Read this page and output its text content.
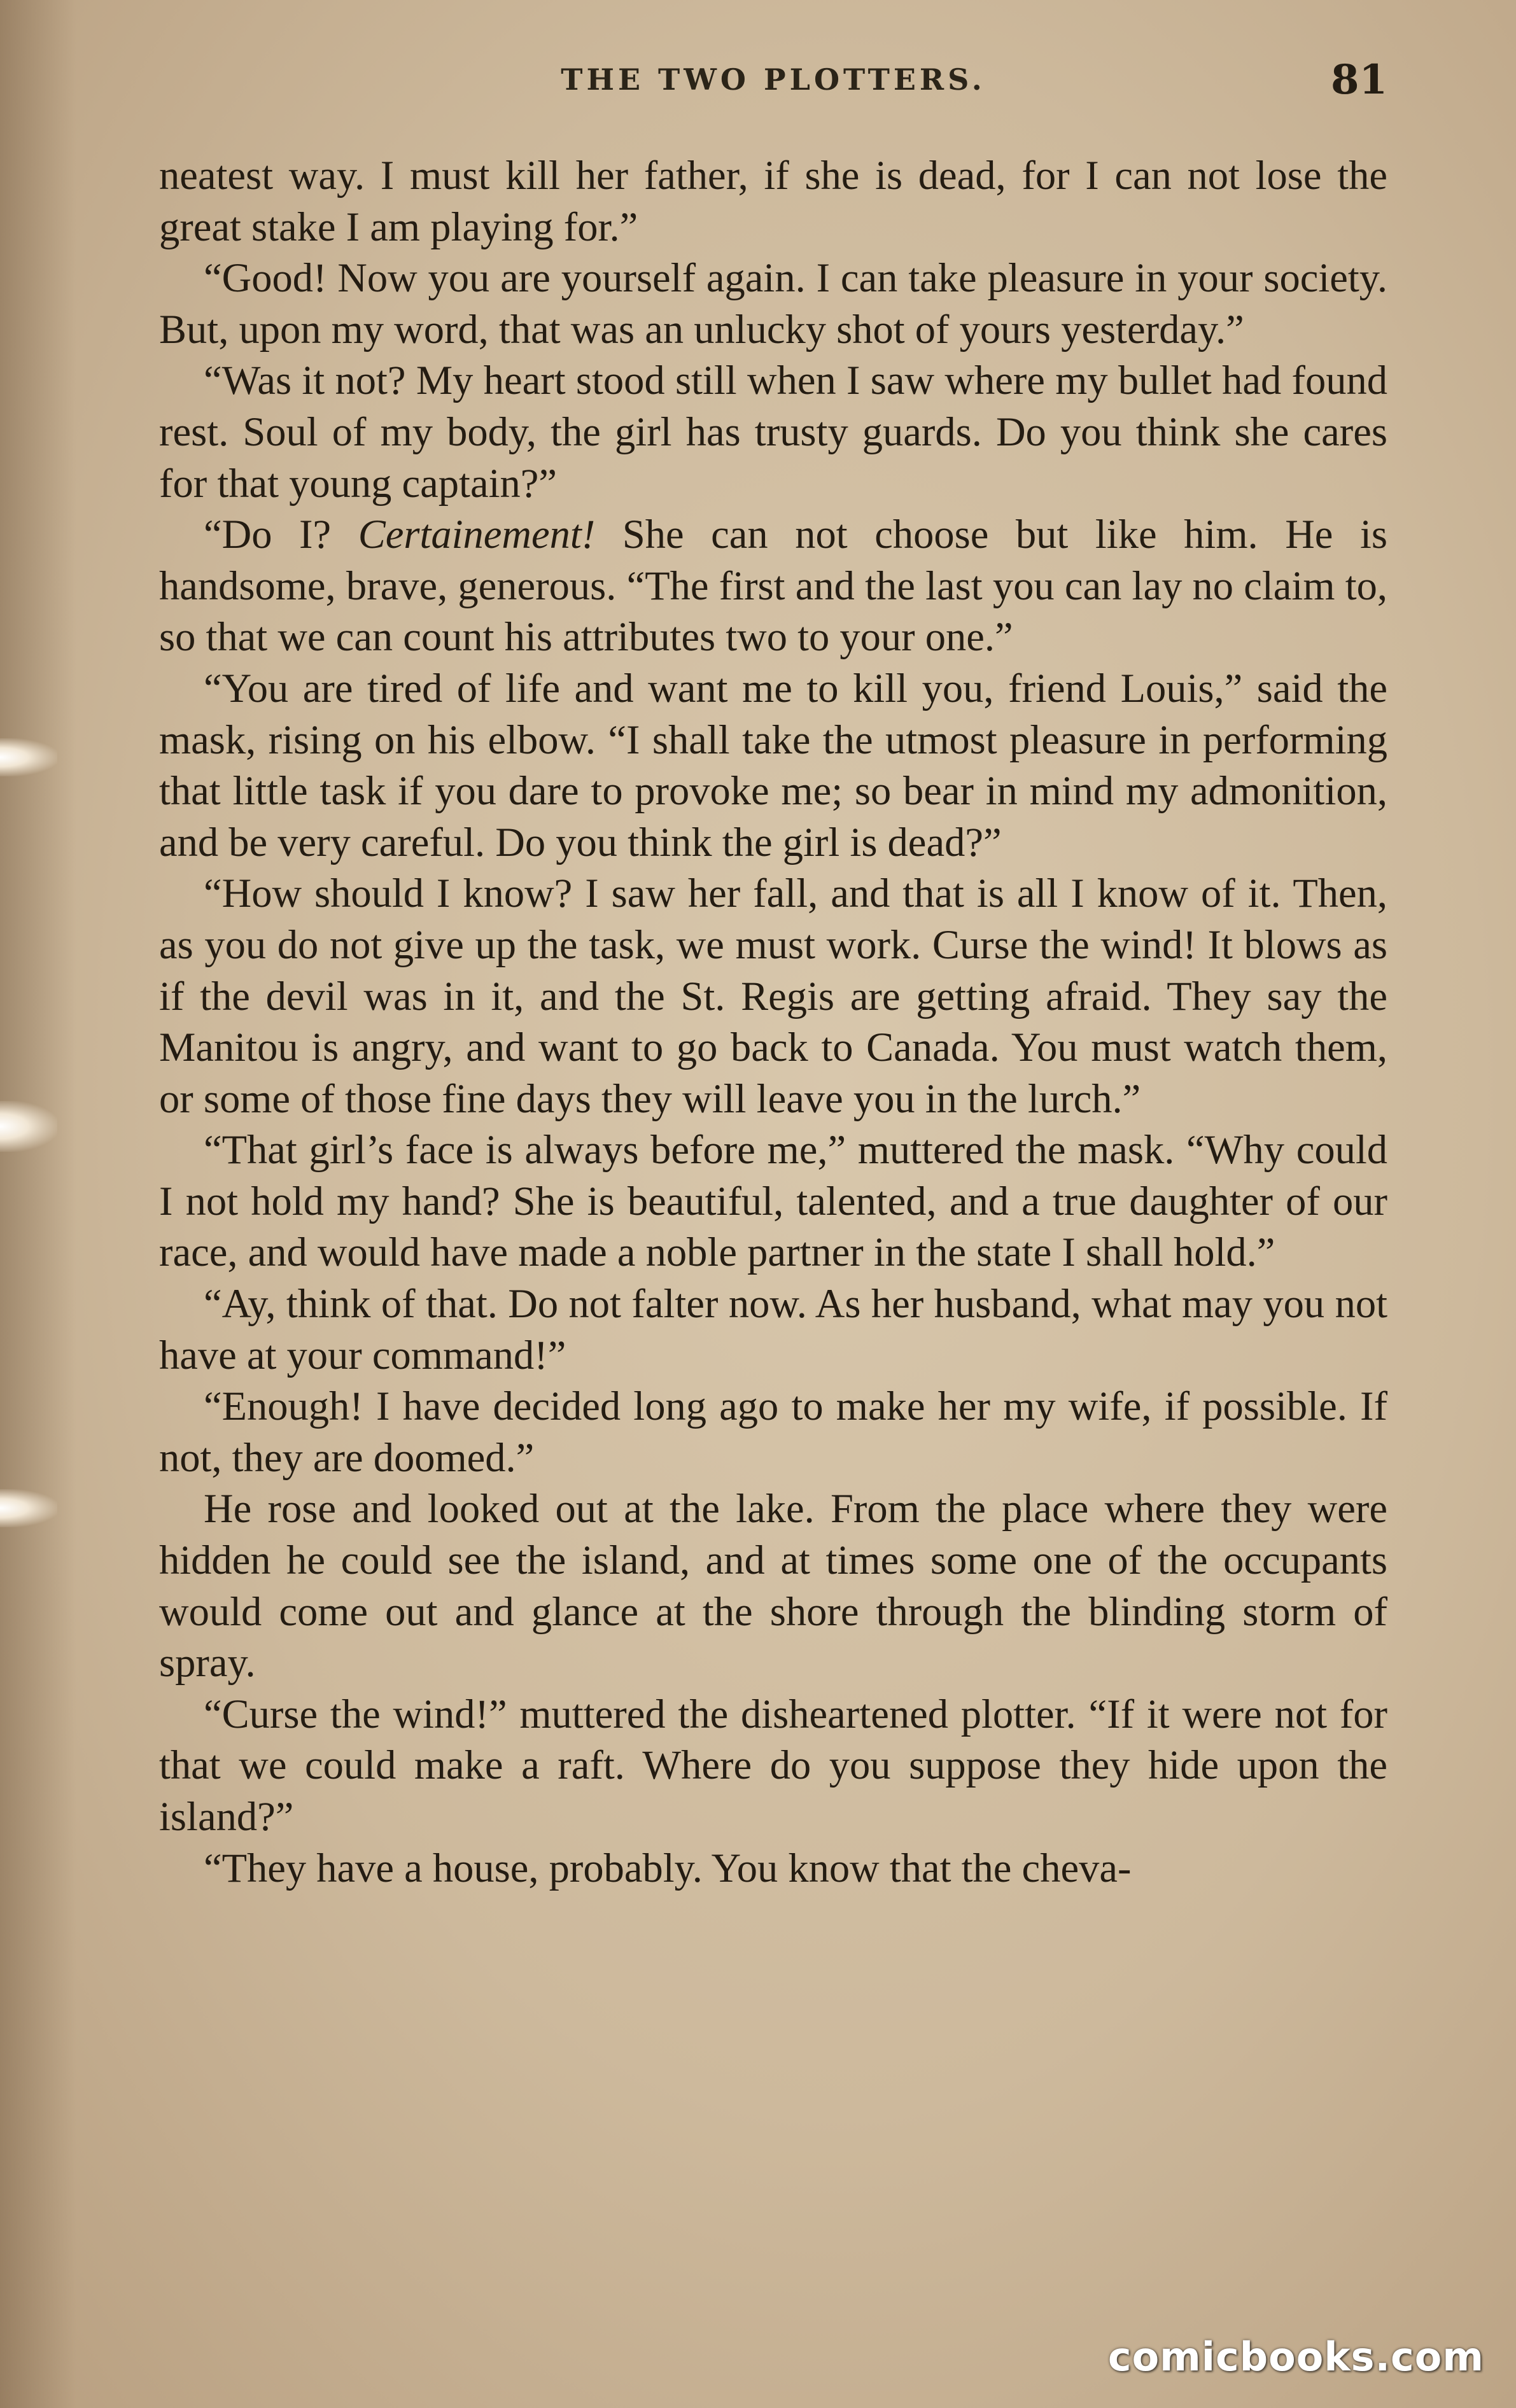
THE TWO PLOTTERS.	81

neatest way. I must kill her father, if she is dead, for I can not lose the great stake I am playing for.”

“Good! Now you are yourself again. I can take pleasure in your society. But, upon my word, that was an unlucky shot of yours yesterday.”

“Was it not? My heart stood still when I saw where my bullet had found rest. Soul of my body, the girl has trusty guards. Do you think she cares for that young captain?”

“Do I? Certainement! She can not choose but like him. He is handsome, brave, generous. “The first and the last you can lay no claim to, so that we can count his attributes two to your one.”

“You are tired of life and want me to kill you, friend Louis,” said the mask, rising on his elbow. “I shall take the utmost pleasure in performing that little task if you dare to provoke me; so bear in mind my admonition, and be very careful. Do you think the girl is dead?”

“How should I know? I saw her fall, and that is all I know of it. Then, as you do not give up the task, we must work. Curse the wind! It blows as if the devil was in it, and the St. Regis are getting afraid. They say the Manitou is angry, and want to go back to Canada. You must watch them, or some of those fine days they will leave you in the lurch.”

“That girl’s face is always before me,” muttered the mask. “Why could I not hold my hand? She is beautiful, talented, and a true daughter of our race, and would have made a noble partner in the state I shall hold.”

“Ay, think of that. Do not falter now. As her husband, what may you not have at your command!”

“Enough! I have decided long ago to make her my wife, if possible. If not, they are doomed.”

He rose and looked out at the lake. From the place where they were hidden he could see the island, and at times some one of the occupants would come out and glance at the shore through the blinding storm of spray.

“Curse the wind!” muttered the disheartened plotter. “If it were not for that we could make a raft. Where do you suppose they hide upon the island?”

“They have a house, probably. You know that the cheva-

comicbooks.com
